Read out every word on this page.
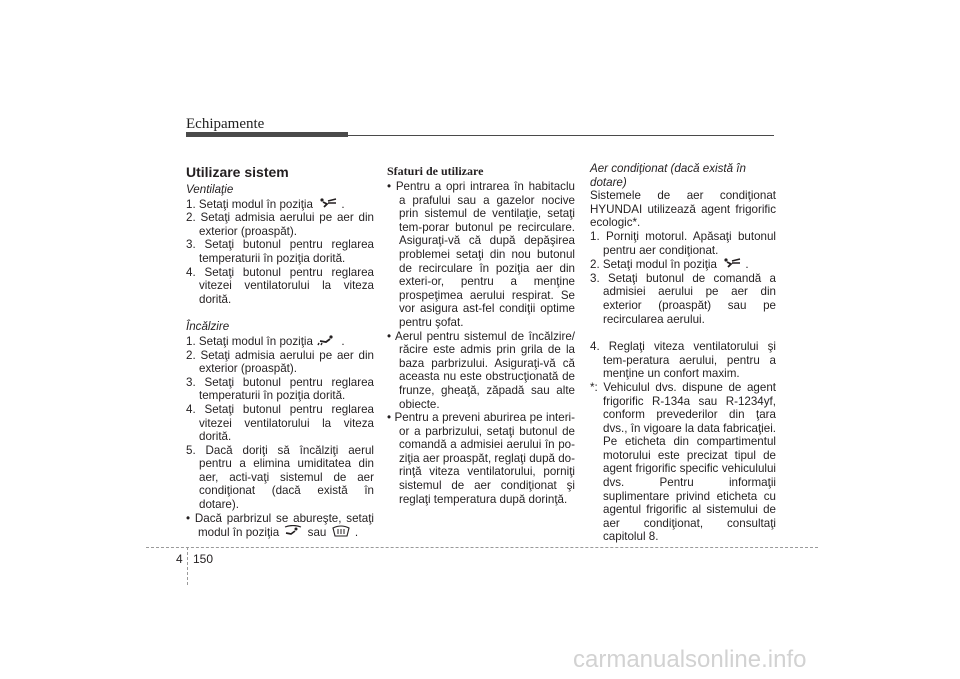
Echipamente
Utilizare sistem

Ventilaţie

1. Setaţi modul în poziţia  .
2. Setaţi admisia aerului pe aer din exterior (proaspăt).
3. Setaţi butonul pentru reglarea temperaturii în poziţia dorită.
4. Setaţi butonul pentru reglarea vitezei ventilatorului la viteza dorită.

Încălzire

1. Setaţi modul în poziţia  .
2. Setaţi admisia aerului pe aer din exterior (proaspăt).
3. Setaţi butonul pentru reglarea temperaturii în poziţia dorită.
4. Setaţi butonul pentru reglarea vitezei ventilatorului la viteza dorită.
5. Dacă doriţi să încălziţi aerul pentru a elimina umiditatea din aer, acti-vaţi sistemul de aer condiţionat (dacă există în dotare).
• Dacă parbrizul se abureşte, setaţi modul în poziţia sau  .
Sfaturi de utilizare
• Pentru a opri intrarea în habitaclu a prafului sau a gazelor nocive prin sistemul de ventilaţie, setaţi tem-porar butonul pe recirculare. Asiguraţi-vă că după depăşirea problemei setaţi din nou butonul de recirculare în poziţia aer din exteri-or, pentru a menţine prospeţimea aerului respirat. Se vor asigura ast-fel condiţii optime pentru şofat.
• Aerul pentru sistemul de încălzire/ răcire este admis prin grila de la baza parbrizului. Asiguraţi-vă că aceasta nu este obstrucţionată de frunze, gheaţă, zăpadă sau alte obiecte.
• Pentru a preveni aburirea pe interi-or a parbrizului, setaţi butonul de comandă a admisiei aerului în po-ziţia aer proaspăt, reglaţi după do-rinţă viteza ventilatorului, porniţi sistemul de aer condiţionat şi reglaţi temperatura după dorinţă.
Aer condiţionat (dacă există în dotare)

Sistemele de aer condiţionat HYUNDAI utilizează agent frigorific ecologic*.

1. Porniţi motorul. Apăsaţi butonul pentru aer condiţionat.
2. Setaţi modul în poziţia  .
3. Setaţi butonul de comandă a admisiei aerului pe aer din exterior (proaspăt) sau pe recircularea aerului.
4. Reglaţi viteza ventilatorului şi tem-peratura aerului, pentru a menţine un confort maxim.

*: Vehiculul dvs. dispune de agent frigorific R-134a sau R-1234yf, conform prevederilor din ţara dvs., în vigoare la data fabricaţiei. Pe eticheta din compartimentul motorului este precizat tipul de agent frigorific specific vehiculului dvs. Pentru informaţii suplimentare privind eticheta cu agentul frigorific al sistemului de aer condiţionat, consultaţi capitolul 8.

4 150
carmanualsonline.info
